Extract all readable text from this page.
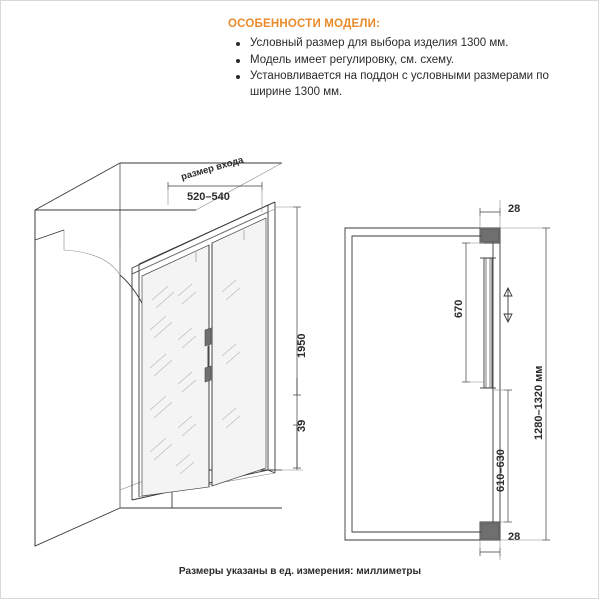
ОСОБЕННОСТИ МОДЕЛИ:
Условный размер для выбора изделия 1300 мм.
Модель имеет регулировку, см. схему.
Установливается на поддон с условными размерами по ширине 1300 мм.
размер входа
520–540
1950
39
28
28
670
610–630
1280–1320 мм
Размеры указаны в ед. измерения: миллиметры
